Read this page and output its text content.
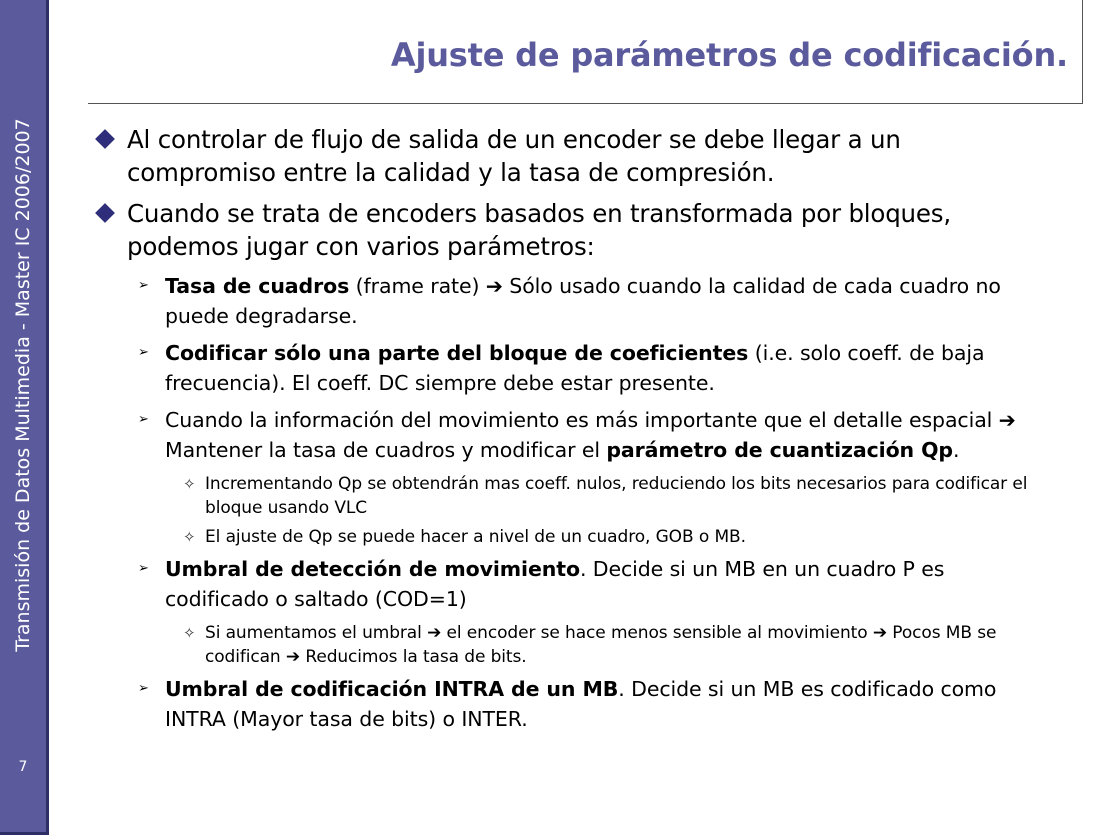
Transmisión de Datos Multimedia - Master IC 2006/2007
7
Ajuste de parámetros de codificación.
Al controlar de flujo de salida de un encoder se debe llegar a un compromiso entre la calidad y la tasa de compresión.
Cuando se trata de encoders basados en transformada por bloques, podemos jugar con varios parámetros:
➢ Tasa de cuadros (frame rate) ➔ Sólo usado cuando la calidad de cada cuadro no puede degradarse.
➢ Codificar sólo una parte del bloque de coeficientes (i.e. solo coeff. de baja frecuencia). El coeff. DC siempre debe estar presente.
➢ Cuando la información del movimiento es más importante que el detalle espacial ➔ Mantener la tasa de cuadros y modificar el parámetro de cuantización Qp.
✧ Incrementando Qp se obtendrán mas coeff. nulos, reduciendo los bits necesarios para codificar el bloque usando VLC
✧ El ajuste de Qp se puede hacer a nivel de un cuadro, GOB o MB.
➢ Umbral de detección de movimiento. Decide si un MB en un cuadro P es codificado o saltado (COD=1)
✧ Si aumentamos el umbral ➔ el encoder se hace menos sensible al movimiento ➔ Pocos MB se codifican ➔ Reducimos la tasa de bits.
➢ Umbral de codificación INTRA de un MB. Decide si un MB es codificado como INTRA (Mayor tasa de bits) o INTER.
